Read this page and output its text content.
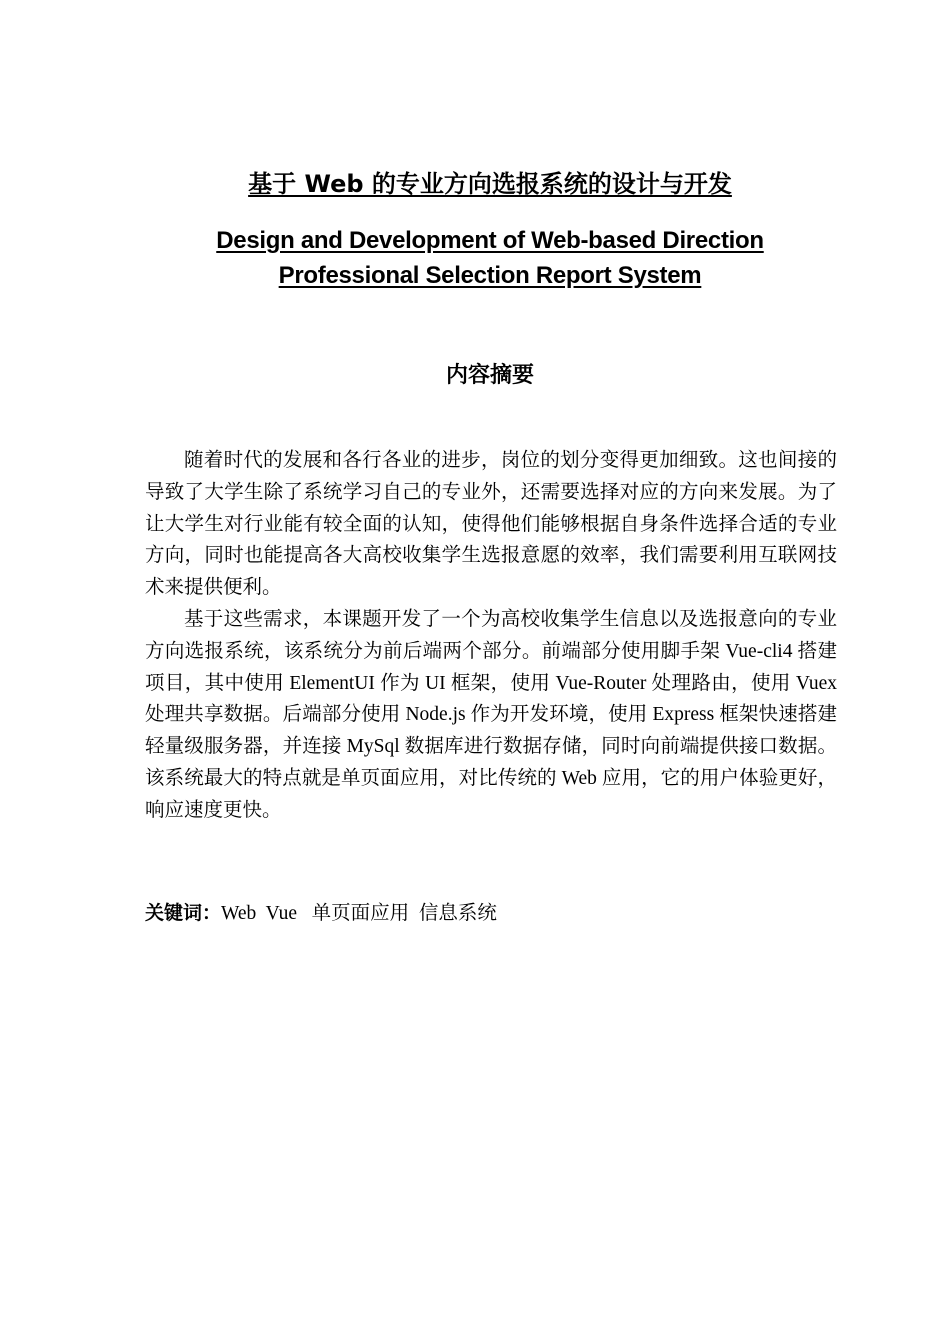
基于 Web 的专业方向选报系统的设计与开发
Design and Development of Web-based Direction
Professional Selection Report System
内容摘要

随着时代的发展和各行各业的进步，岗位的划分变得更加细致。这也间接的导致了大学生除了系统学习自己的专业外，还需要选择对应的方向来发展。为了让大学生对行业能有较全面的认知，使得他们能够根据自身条件选择合适的专业方向，同时也能提高各大高校收集学生选报意愿的效率，我们需要利用互联网技术来提供便利。

基于这些需求，本课题开发了一个为高校收集学生信息以及选报意向的专业方向选报系统，该系统分为前后端两个部分。前端部分使用脚手架 Vue-cli4 搭建项目，其中使用 ElementUI 作为 UI 框架，使用 Vue-Router 处理路由，使用 Vuex 处理共享数据。后端部分使用 Node.js 作为开发环境，使用 Express 框架快速搭建轻量级服务器，并连接 MySql 数据库进行数据存储，同时向前端提供接口数据。该系统最大的特点就是单页面应用，对比传统的 Web 应用，它的用户体验更好，响应速度更快。

关键词：Web  Vue   单页面应用  信息系统
